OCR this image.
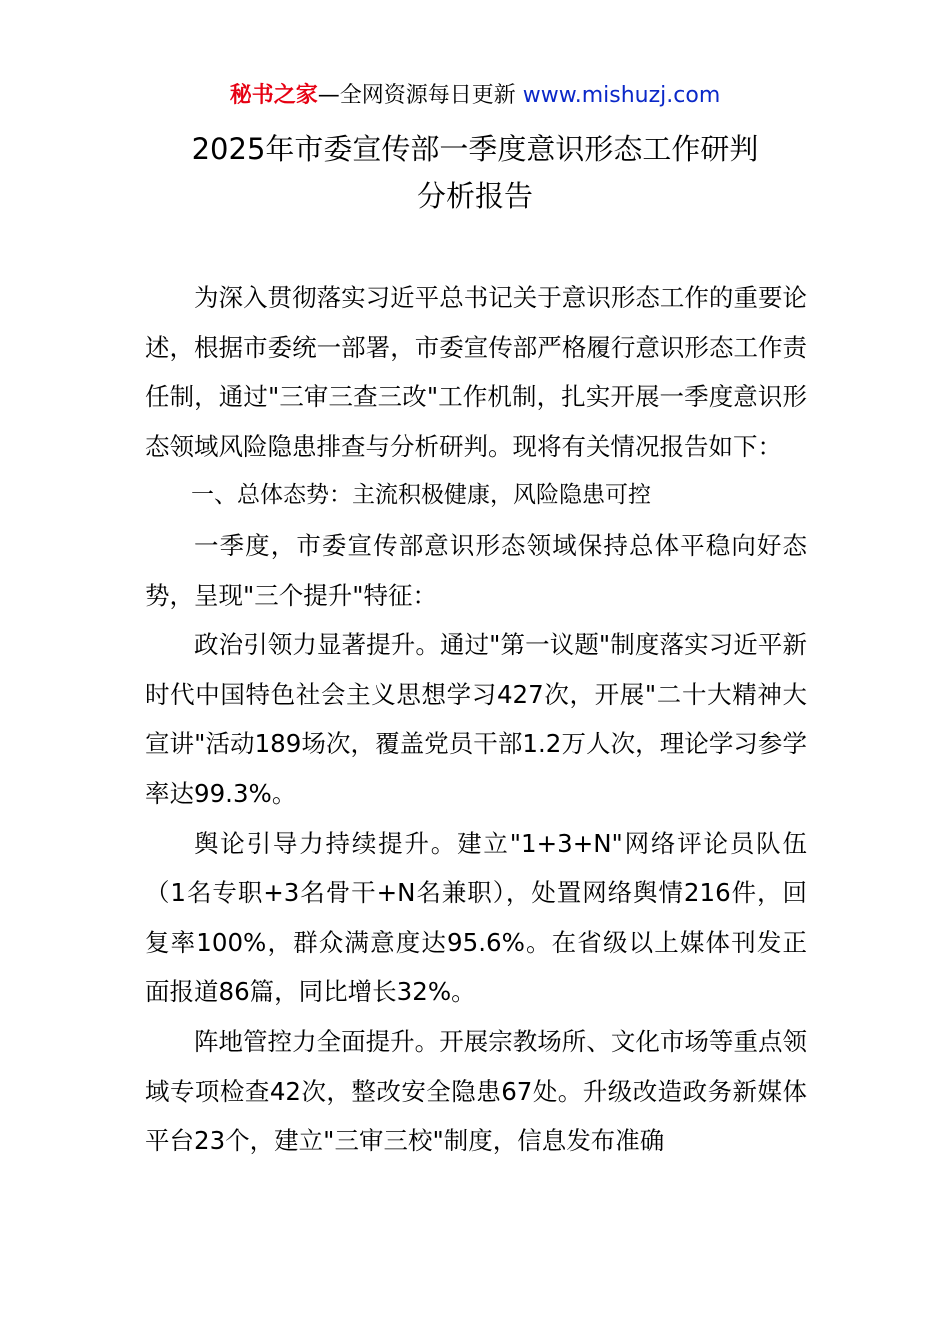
秘书之家—全网资源每日更新 www.mishuzj.com
2025年市委宣传部一季度意识形态工作研判
分析报告

为深入贯彻落实习近平总书记关于意识形态工作的重要论述，根据市委统一部署，市委宣传部严格履行意识形态工作责任制，通过"三审三查三改"工作机制，扎实开展一季度意识形态领域风险隐患排查与分析研判。现将有关情况报告如下：

一、总体态势：主流积极健康，风险隐患可控

一季度，市委宣传部意识形态领域保持总体平稳向好态势，呈现"三个提升"特征：

政治引领力显著提升。通过"第一议题"制度落实习近平新时代中国特色社会主义思想学习427次，开展"二十大精神大宣讲"活动189场次，覆盖党员干部1.2万人次，理论学习参学率达99.3%。

舆论引导力持续提升。建立"1+3+N"网络评论员队伍（1名专职+3名骨干+N名兼职），处置网络舆情216件，回复率100%，群众满意度达95.6%。在省级以上媒体刊发正面报道86篇，同比增长32%。

阵地管控力全面提升。开展宗教场所、文化市场等重点领域专项检查42次，整改安全隐患67处。升级改造政务新媒体平台23个，建立"三审三校"制度，信息发布准确
